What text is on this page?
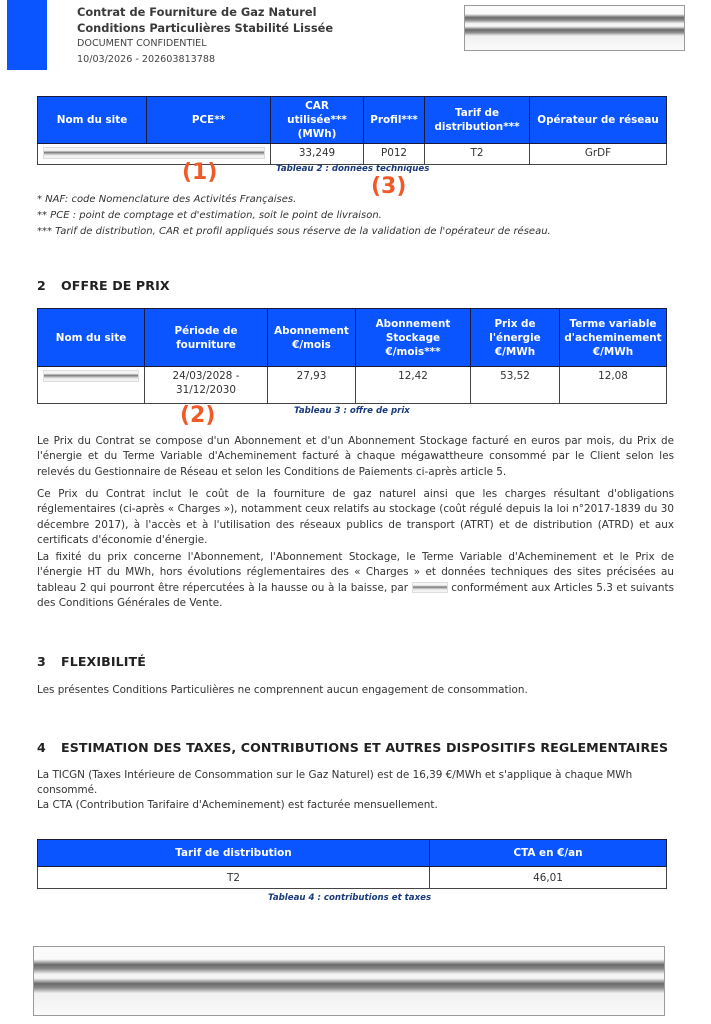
Contrat de Fourniture de Gaz Naturel
Conditions Particulières Stabilité Lissée
DOCUMENT CONFIDENTIEL
10/03/2026 - 202603813788
Nom du site	PCE**	CAR utilisée*** (MWh)	Profil***	Tarif de distribution***	Opérateur de réseau

		33,249	P012	T2	GrDF
(1)	Tableau 2 : données techniques
(3)
* NAF: code Nomenclature des Activités Françaises.
** PCE : point de comptage et d'estimation, soit le point de livraison.
*** Tarif de distribution, CAR et profil appliqués sous réserve de la validation de l'opérateur de réseau.
2 OFFRE DE PRIX
Nom du site	Période de fourniture	Abonnement €/mois	Abonnement Stockage €/mois***	Prix de l'énergie €/MWh	Terme variable d'acheminement €/MWh

	24/03/2028 - 31/12/2030	27,93	12,42	53,52	12,08
(2)	Tableau 3 : offre de prix

Le Prix du Contrat se compose d'un Abonnement et d'un Abonnement Stockage facturé en euros par mois, du Prix de l'énergie et du Terme Variable d'Acheminement facturé à chaque mégawattheure consommé par le Client selon les relevés du Gestionnaire de Réseau et selon les Conditions de Paiements ci-après article 5.

Ce Prix du Contrat inclut le coût de la fourniture de gaz naturel ainsi que les charges résultant d'obligations réglementaires (ci-après « Charges »), notamment ceux relatifs au stockage (coût régulé depuis la loi n°2017-1839 du 30 décembre 2017), à l'accès et à l'utilisation des réseaux publics de transport (ATRT) et de distribution (ATRD) et aux certificats d'économie d'énergie.

La fixité du prix concerne l'Abonnement, l'Abonnement Stockage, le Terme Variable d'Acheminement et le Prix de l'énergie HT du MWh, hors évolutions réglementaires des « Charges » et données techniques des sites précisées au tableau 2 qui pourront être répercutées à la hausse ou à la baisse, par	conformément aux Articles 5.3 et suivants des Conditions Générales de Vente.

3 FLEXIBILITÉ

Les présentes Conditions Particulières ne comprennent aucun engagement de consommation.

4 ESTIMATION DES TAXES, CONTRIBUTIONS ET AUTRES DISPOSITIFS REGLEMENTAIRES

La TICGN (Taxes Intérieure de Consommation sur le Gaz Naturel) est de 16,39 €/MWh et s'applique à chaque MWh consommé.

La CTA (Contribution Tarifaire d'Acheminement) est facturée mensuellement.

Tarif de distribution	CTA en €/an
T2	46,01
Tableau 4 : contributions et taxes
